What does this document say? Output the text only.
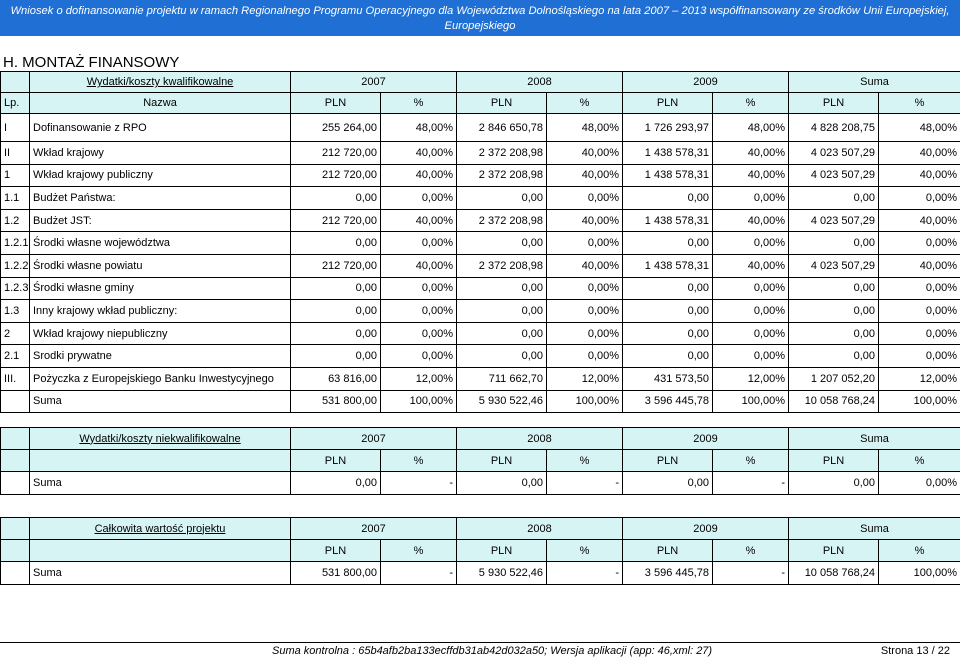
Wniosek o dofinansowanie projektu w ramach Regionalnego Programu Operacyjnego dla Województwa Dolnośląskiego na lata 2007 – 2013 współfinansowany ze środków Unii Europejskiej, Europejskiego
Funduszu Rozwoju Regionalnego
H. MONTAŻ FINANSOWY
	Wydatki/koszty kwalifikowalne	2007		2008		2009		Suma	
Lp.	Nazwa	PLN	%	PLN	%	PLN	%	PLN	%
I	Dofinansowanie z RPO	255 264,00	48,00%	2 846 650,78	48,00%	1 726 293,97	48,00%	4 828 208,75	48,00%
II	Wkład krajowy	212 720,00	40,00%	2 372 208,98	40,00%	1 438 578,31	40,00%	4 023 507,29	40,00%
1	Wkład krajowy publiczny	212 720,00	40,00%	2 372 208,98	40,00%	1 438 578,31	40,00%	4 023 507,29	40,00%
1.1	Budżet Państwa:	0,00	0,00%	0,00	0,00%	0,00	0,00%	0,00	0,00%
1.2	Budżet JST:	212 720,00	40,00%	2 372 208,98	40,00%	1 438 578,31	40,00%	4 023 507,29	40,00%
1.2.1	Środki własne województwa	0,00	0,00%	0,00	0,00%	0,00	0,00%	0,00	0,00%
1.2.2	Środki własne powiatu	212 720,00	40,00%	2 372 208,98	40,00%	1 438 578,31	40,00%	4 023 507,29	40,00%
1.2.3	Środki własne gminy	0,00	0,00%	0,00	0,00%	0,00	0,00%	0,00	0,00%
1.3	Inny krajowy wkład publiczny:	0,00	0,00%	0,00	0,00%	0,00	0,00%	0,00	0,00%
2	Wkład krajowy niepubliczny	0,00	0,00%	0,00	0,00%	0,00	0,00%	0,00	0,00%
2.1	Srodki prywatne	0,00	0,00%	0,00	0,00%	0,00	0,00%	0,00	0,00%
III.	Pożyczka z Europejskiego Banku Inwestycyjnego	63 816,00	12,00%	711 662,70	12,00%	431 573,50	12,00%	1 207 052,20	12,00%
	Suma	531 800,00	100,00%	5 930 522,46	100,00%	3 596 445,78	100,00%	10 058 768,24	100,00%
	Wydatki/koszty niekwalifikowalne	2007		2008		2009		Suma	
		PLN	%	PLN	%	PLN	%	PLN	%
	Suma	0,00	-	0,00	-	0,00	-	0,00	0,00%
	Całkowita wartość projektu	2007		2008		2009		Suma	
		PLN	%	PLN	%	PLN	%	PLN	%
	Suma	531 800,00	-	5 930 522,46	-	3 596 445,78	-	10 058 768,24	100,00%
Suma kontrolna : 65b4afb2ba133ecffdb31ab42d032a50; Wersja aplikacji (app: 46,xml: 27)	Strona 13 / 22
